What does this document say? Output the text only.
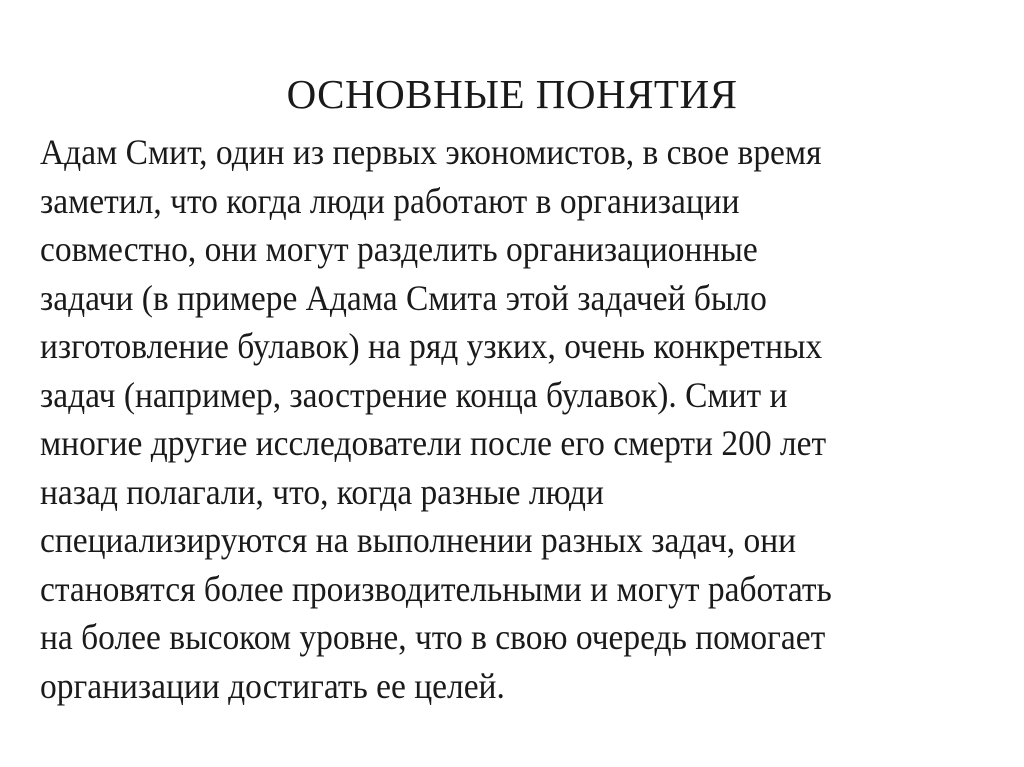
ОСНОВНЫЕ ПОНЯТИЯ
Адам Смит, один из первых экономистов, в свое время
заметил, что когда люди работают в организации
совместно, они могут разделить организационные
задачи (в примере Адама Смита этой задачей было
изготовление булавок) на ряд узких, очень конкретных
задач (например, заострение конца булавок). Смит и
многие другие исследователи после его смерти 200 лет
назад полагали, что, когда разные люди
специализируются на выполнении разных задач, они
становятся более производительными и могут работать
на более высоком уровне, что в свою очередь помогает
организации достигать ее целей.
